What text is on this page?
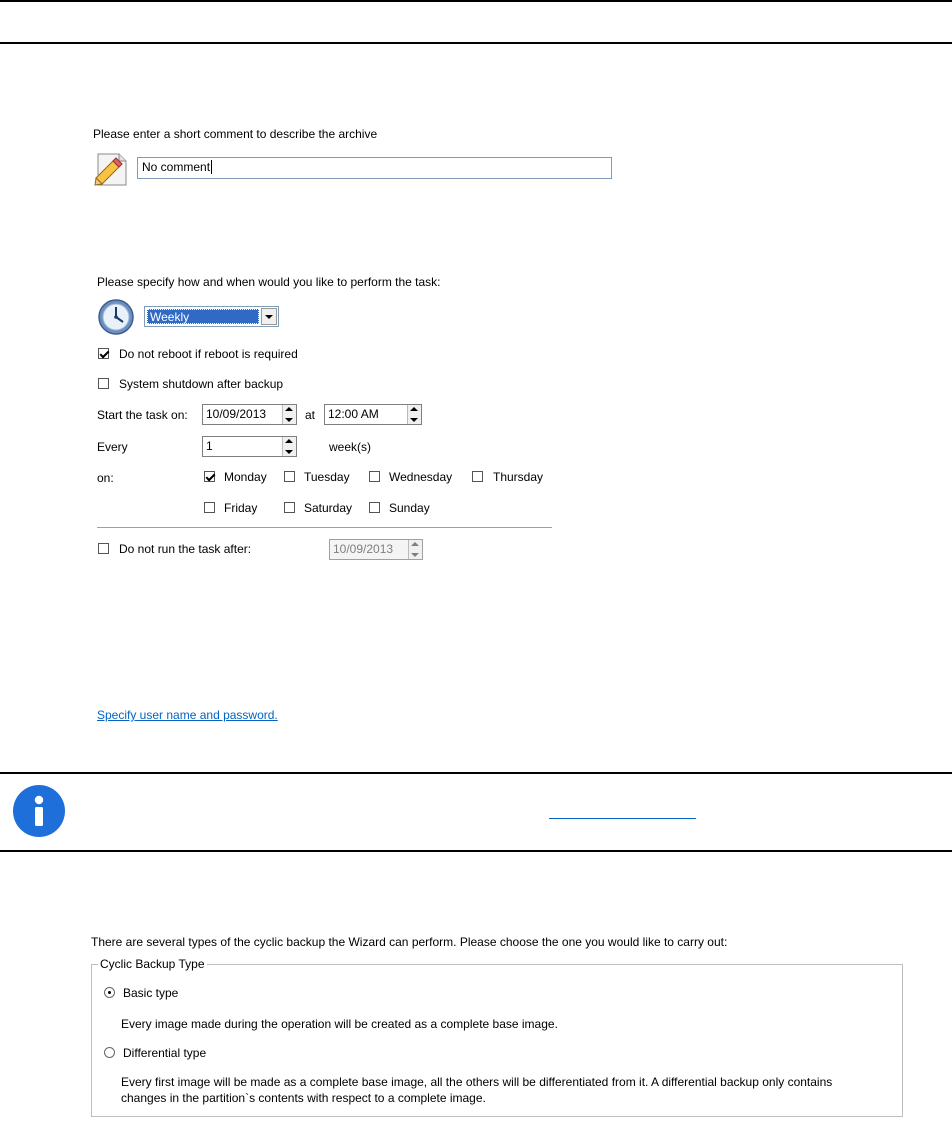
Please enter a short comment to describe the archive
No comment
Please specify how and when would you like to perform the task:
Weekly
Do not reboot if reboot is required
System shutdown after backup
Start the task on: 10/09/2013	at 12:00 AM
Every	1	week(s)
on:	Monday	Tuesday	Wednesday	Thursday
Friday	Saturday	Sunday
Do not run the task after:	10/09/2013
Specify user name and password.
There are several types of the cyclic backup the Wizard can perform. Please choose the one you would like to carry out:
Cyclic Backup Type
Basic type
Every image made during the operation will be created as a complete base image.
Differential type
Every first image will be made as a complete base image, all the others will be differentiated from it. A differential backup only contains
changes in the partition`s contents with respect to a complete image.
